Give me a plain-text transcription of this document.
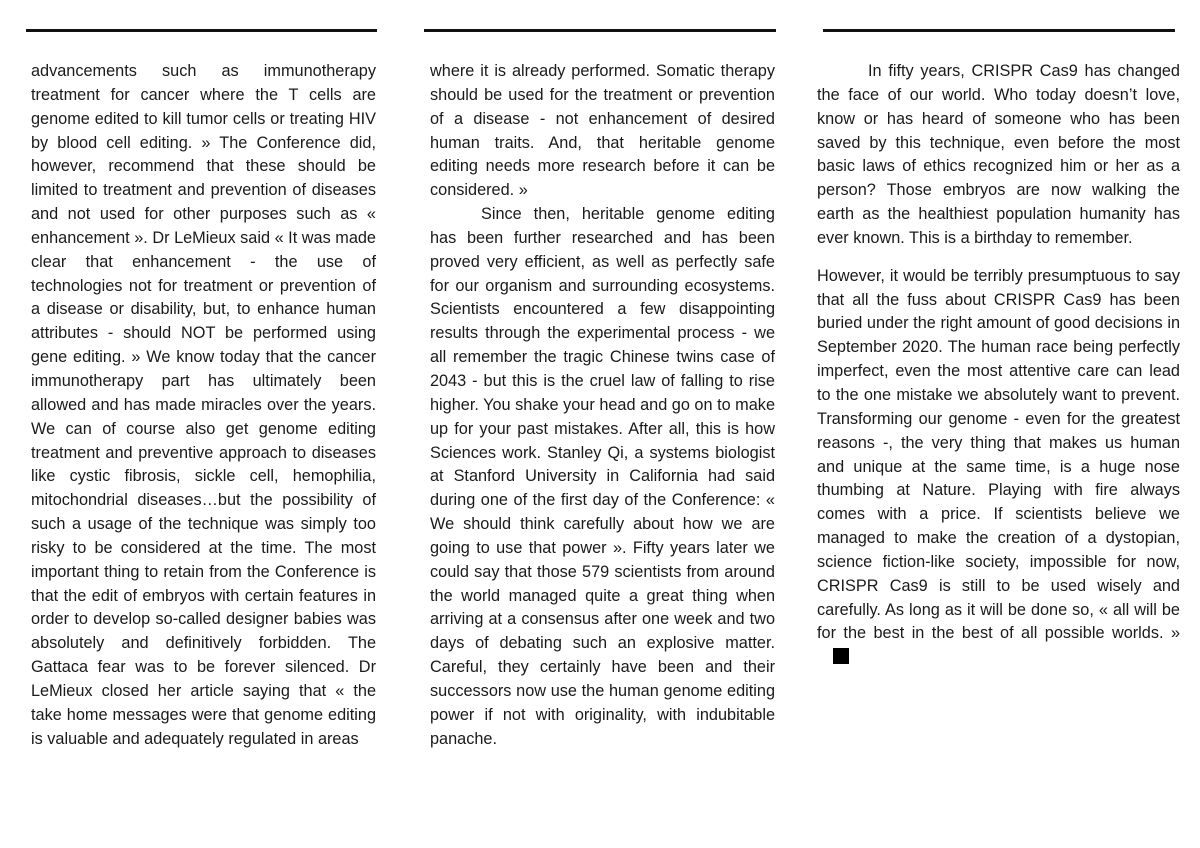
advancements such as immunotherapy treatment for cancer where the T cells are genome edited to kill tumor cells or treating HIV by blood cell editing. » The Conference did, however, recommend that these should be limited to treatment and prevention of diseases and not used for other purposes such as « enhancement ». Dr LeMieux said « It was made clear that enhancement - the use of technologies not for treatment or prevention of a disease or disability, but, to enhance human attributes - should NOT be performed using gene editing. » We know today that the cancer immunotherapy part has ultimately been allowed and has made miracles over the years. We can of course also get genome editing treatment and preventive approach to diseases like cystic fibrosis, sickle cell, hemophilia, mitochondrial diseases…but the possibility of such a usage of the technique was simply too risky to be considered at the time. The most important thing to retain from the Conference is that the edit of embryos with certain features in order to develop so-called designer babies was absolutely and definitively forbidden. The Gattaca fear was to be forever silenced. Dr LeMieux closed her article saying that « the take home messages were that genome editing is valuable and adequately regulated in areas

where it is already performed. Somatic therapy should be used for the treatment or prevention of a disease - not enhancement of desired human traits. And, that heritable genome editing needs more research before it can be considered. »

Since then, heritable genome editing has been further researched and has been proved very efficient, as well as perfectly safe for our organism and surrounding ecosystems. Scientists encountered a few disappointing results through the experimental process - we all remember the tragic Chinese twins case of 2043 - but this is the cruel law of falling to rise higher. You shake your head and go on to make up for your past mistakes. After all, this is how Sciences work. Stanley Qi, a systems biologist at Stanford University in California had said during one of the first day of the Conference: « We should think carefully about how we are going to use that power ». Fifty years later we could say that those 579 scientists from around the world managed quite a great thing when arriving at a consensus after one week and two days of debating such an explosive matter. Careful, they certainly have been and their successors now use the human genome editing power if not with originality, with indubitable panache.

In fifty years, CRISPR Cas9 has changed the face of our world. Who today doesn’t love, know or has heard of someone who has been saved by this technique, even before the most basic laws of ethics recognized him or her as a person? Those embryos are now walking the earth as the healthiest population humanity has ever known. This is a birthday to remember.

However, it would be terribly presumptuous to say that all the fuss about CRISPR Cas9 has been buried under the right amount of good decisions in September 2020. The human race being perfectly imperfect, even the most attentive care can lead to the one mistake we absolutely want to prevent. Transforming our genome - even for the greatest reasons -, the very thing that makes us human and unique at the same time, is a huge nose thumbing at Nature. Playing with fire always comes with a price. If scientists believe we managed to make the creation of a dystopian, science fiction-like society, impossible for now, CRISPR Cas9 is still to be used wisely and carefully. As long as it will be done so, « all will be for the best in the best of all possible worlds. »
